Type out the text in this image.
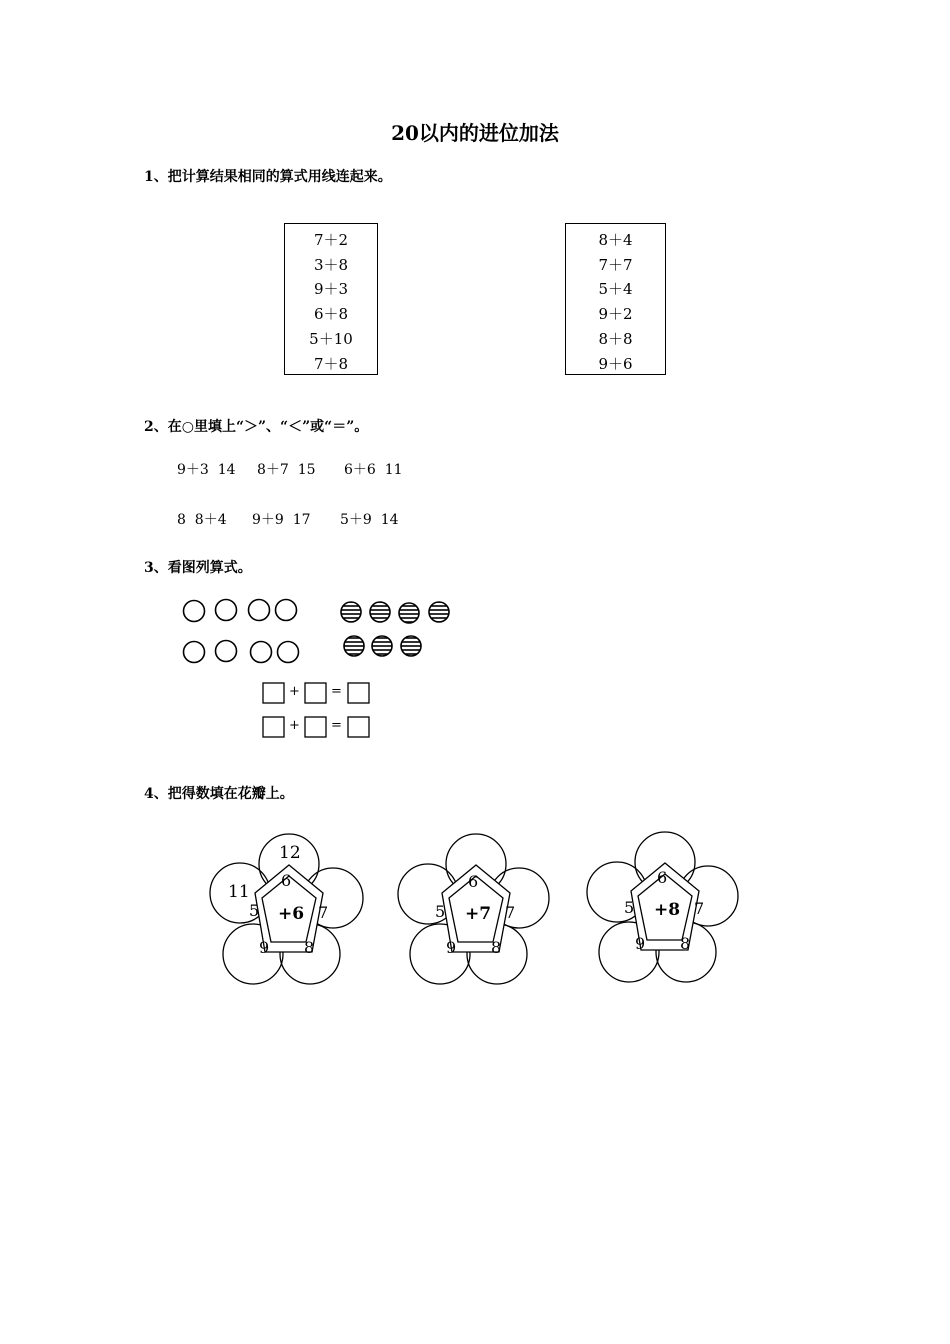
20以内的进位加法
1、把计算结果相同的算式用线连起来。
7＋2
3＋8
9＋3
6＋8
5＋10
7＋8
8＋4
7＋7
5＋4
9＋2
8＋8
9＋6
2、在○里填上“＞”、“＜”或“＝”。
9＋3  14 8＋7  15 6＋6  11
8  8＋4 9＋9  17 5＋9  14
3、看图列算式。
+ =
+ =
4、把得数填在花瓣上。
12
11
6
5	7
9 8
+6
6
5	7
9 8
+7
6
5	7
9 8
+8
